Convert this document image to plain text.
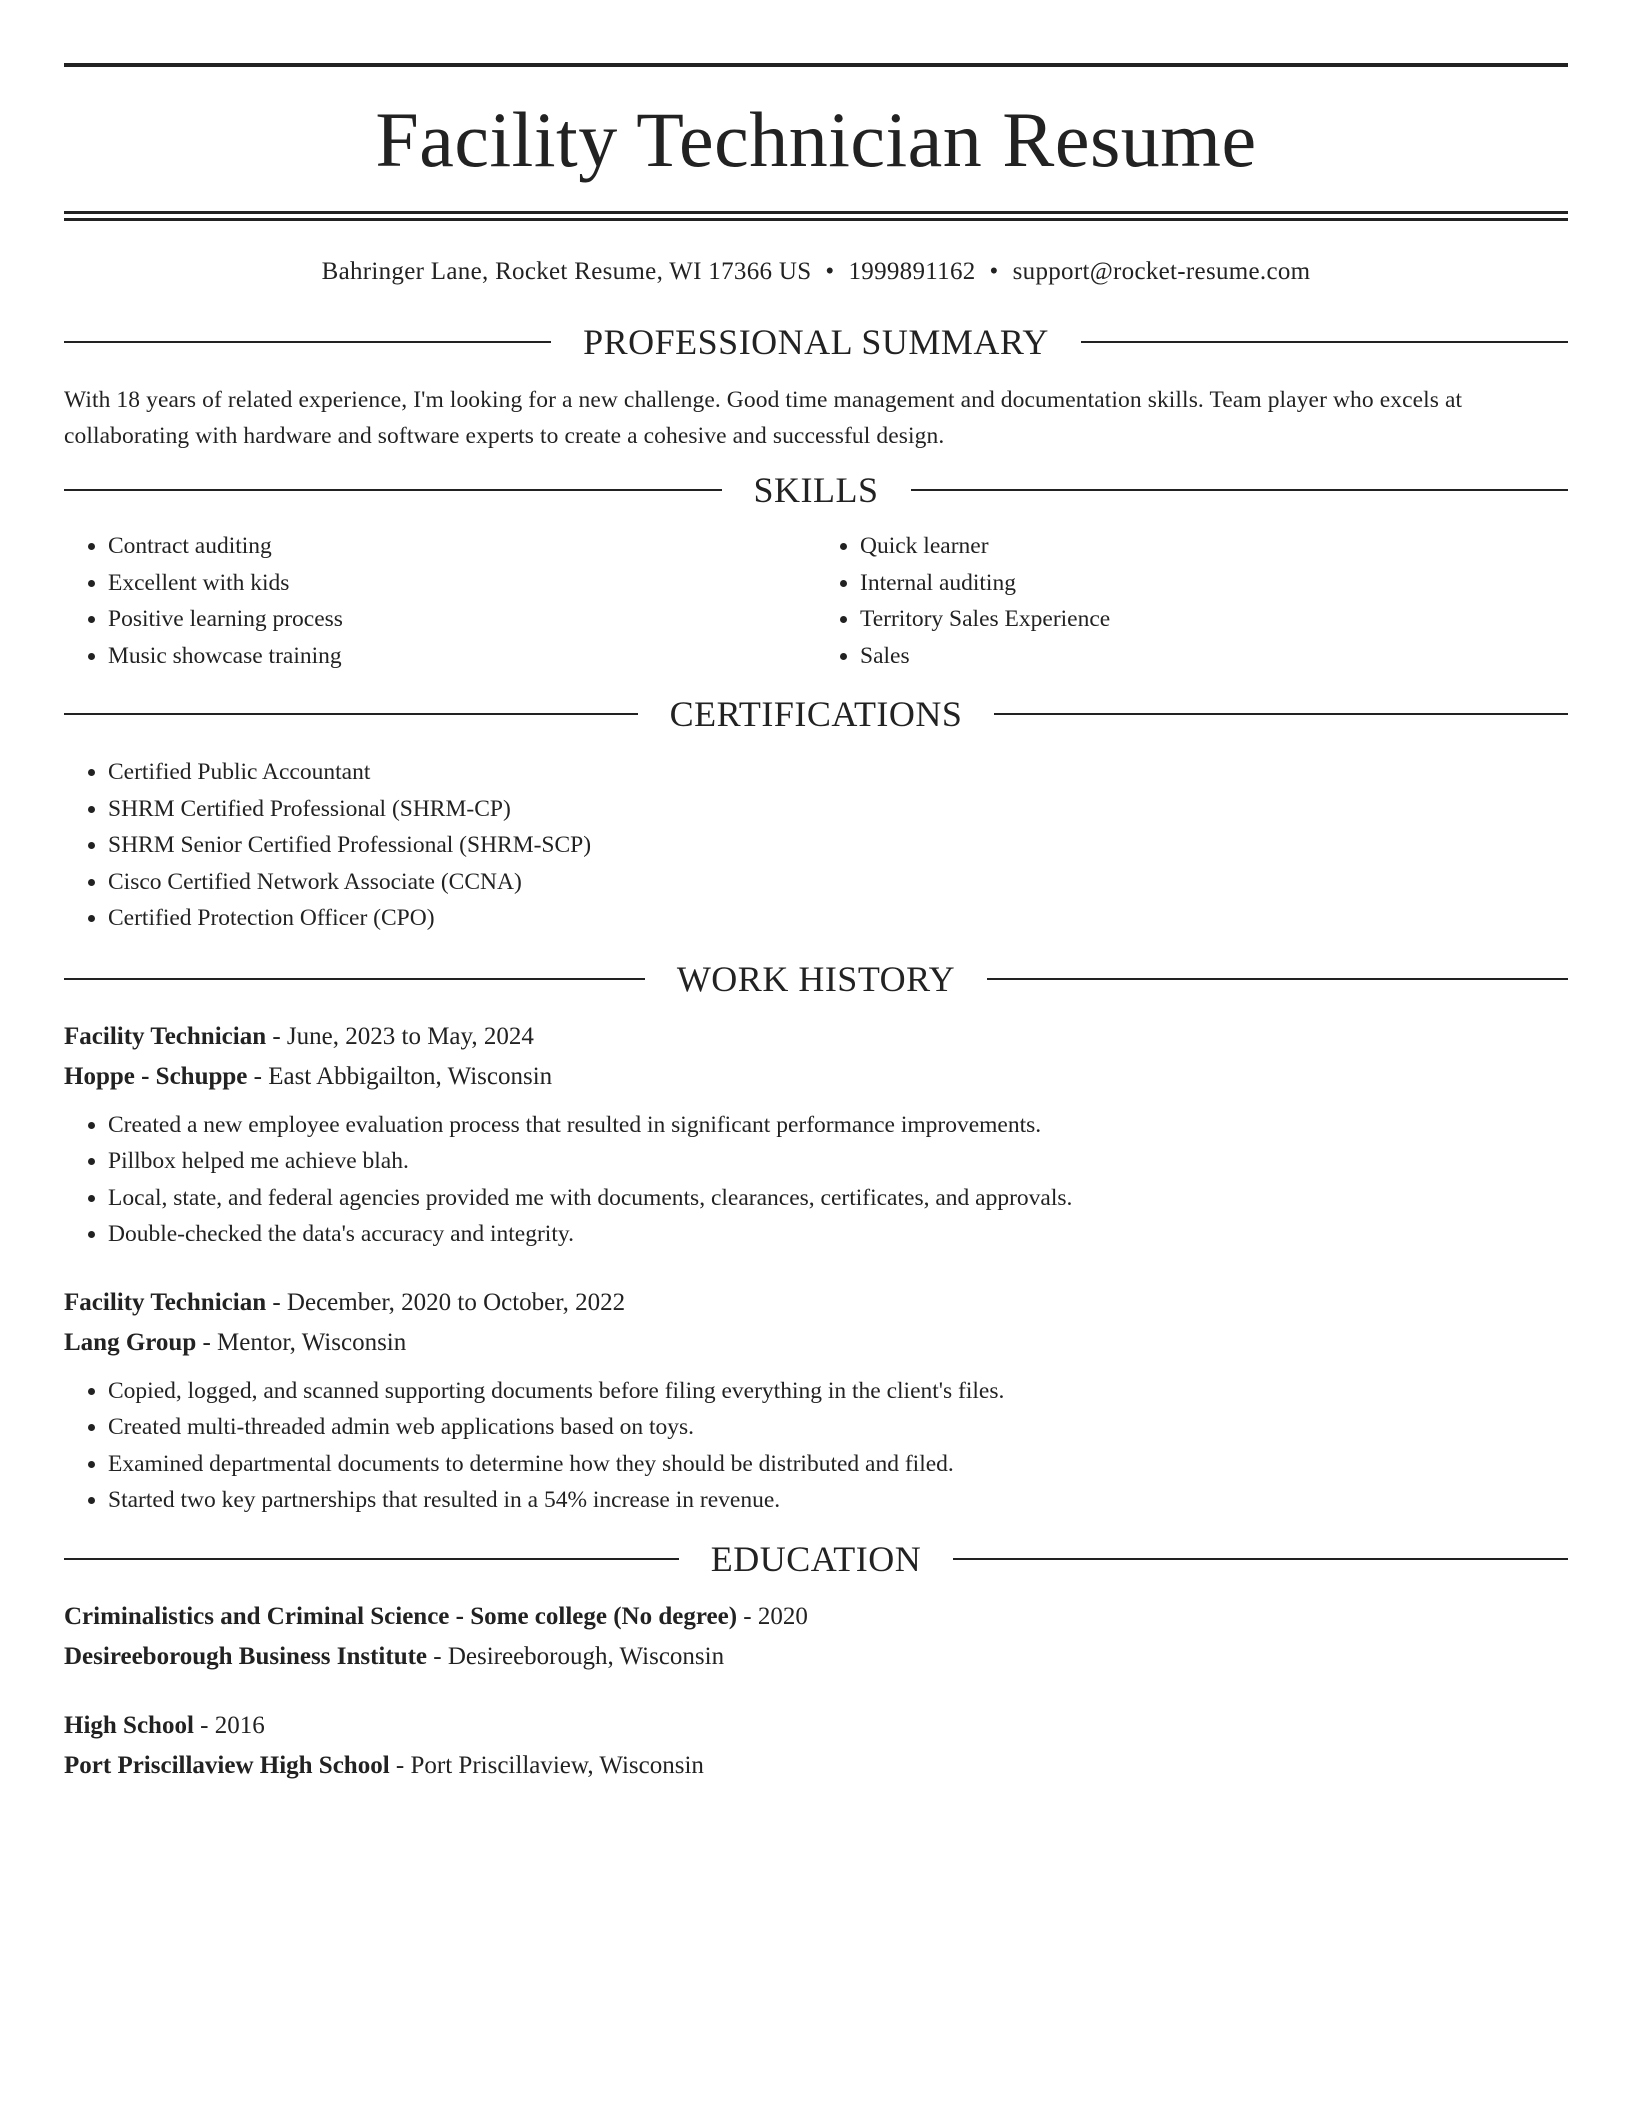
Facility Technician Resume
Bahringer Lane, Rocket Resume, WI 17366 US • 1999891162 • support@rocket-resume.com
PROFESSIONAL SUMMARY

With 18 years of related experience, I'm looking for a new challenge. Good time management and documentation skills. Team player who excels at collaborating with hardware and software experts to create a cohesive and successful design.

SKILLS
• Contract auditing
• Excellent with kids
• Positive learning process
• Music showcase training
• Quick learner
• Internal auditing
• Territory Sales Experience
• Sales
CERTIFICATIONS
• Certified Public Accountant
• SHRM Certified Professional (SHRM-CP)
• SHRM Senior Certified Professional (SHRM-SCP)
• Cisco Certified Network Associate (CCNA)
• Certified Protection Officer (CPO)
WORK HISTORY
Facility Technician - June, 2023 to May, 2024
Hoppe - Schuppe - East Abbigailton, Wisconsin
• Created a new employee evaluation process that resulted in significant performance improvements.
• Pillbox helped me achieve blah.
• Local, state, and federal agencies provided me with documents, clearances, certificates, and approvals.
• Double-checked the data's accuracy and integrity.
Facility Technician - December, 2020 to October, 2022
Lang Group - Mentor, Wisconsin
• Copied, logged, and scanned supporting documents before filing everything in the client's files.
• Created multi-threaded admin web applications based on toys.
• Examined departmental documents to determine how they should be distributed and filed.
• Started two key partnerships that resulted in a 54% increase in revenue.
EDUCATION
Criminalistics and Criminal Science - Some college (No degree) - 2020
Desireeborough Business Institute - Desireeborough, Wisconsin
High School - 2016
Port Priscillaview High School - Port Priscillaview, Wisconsin
